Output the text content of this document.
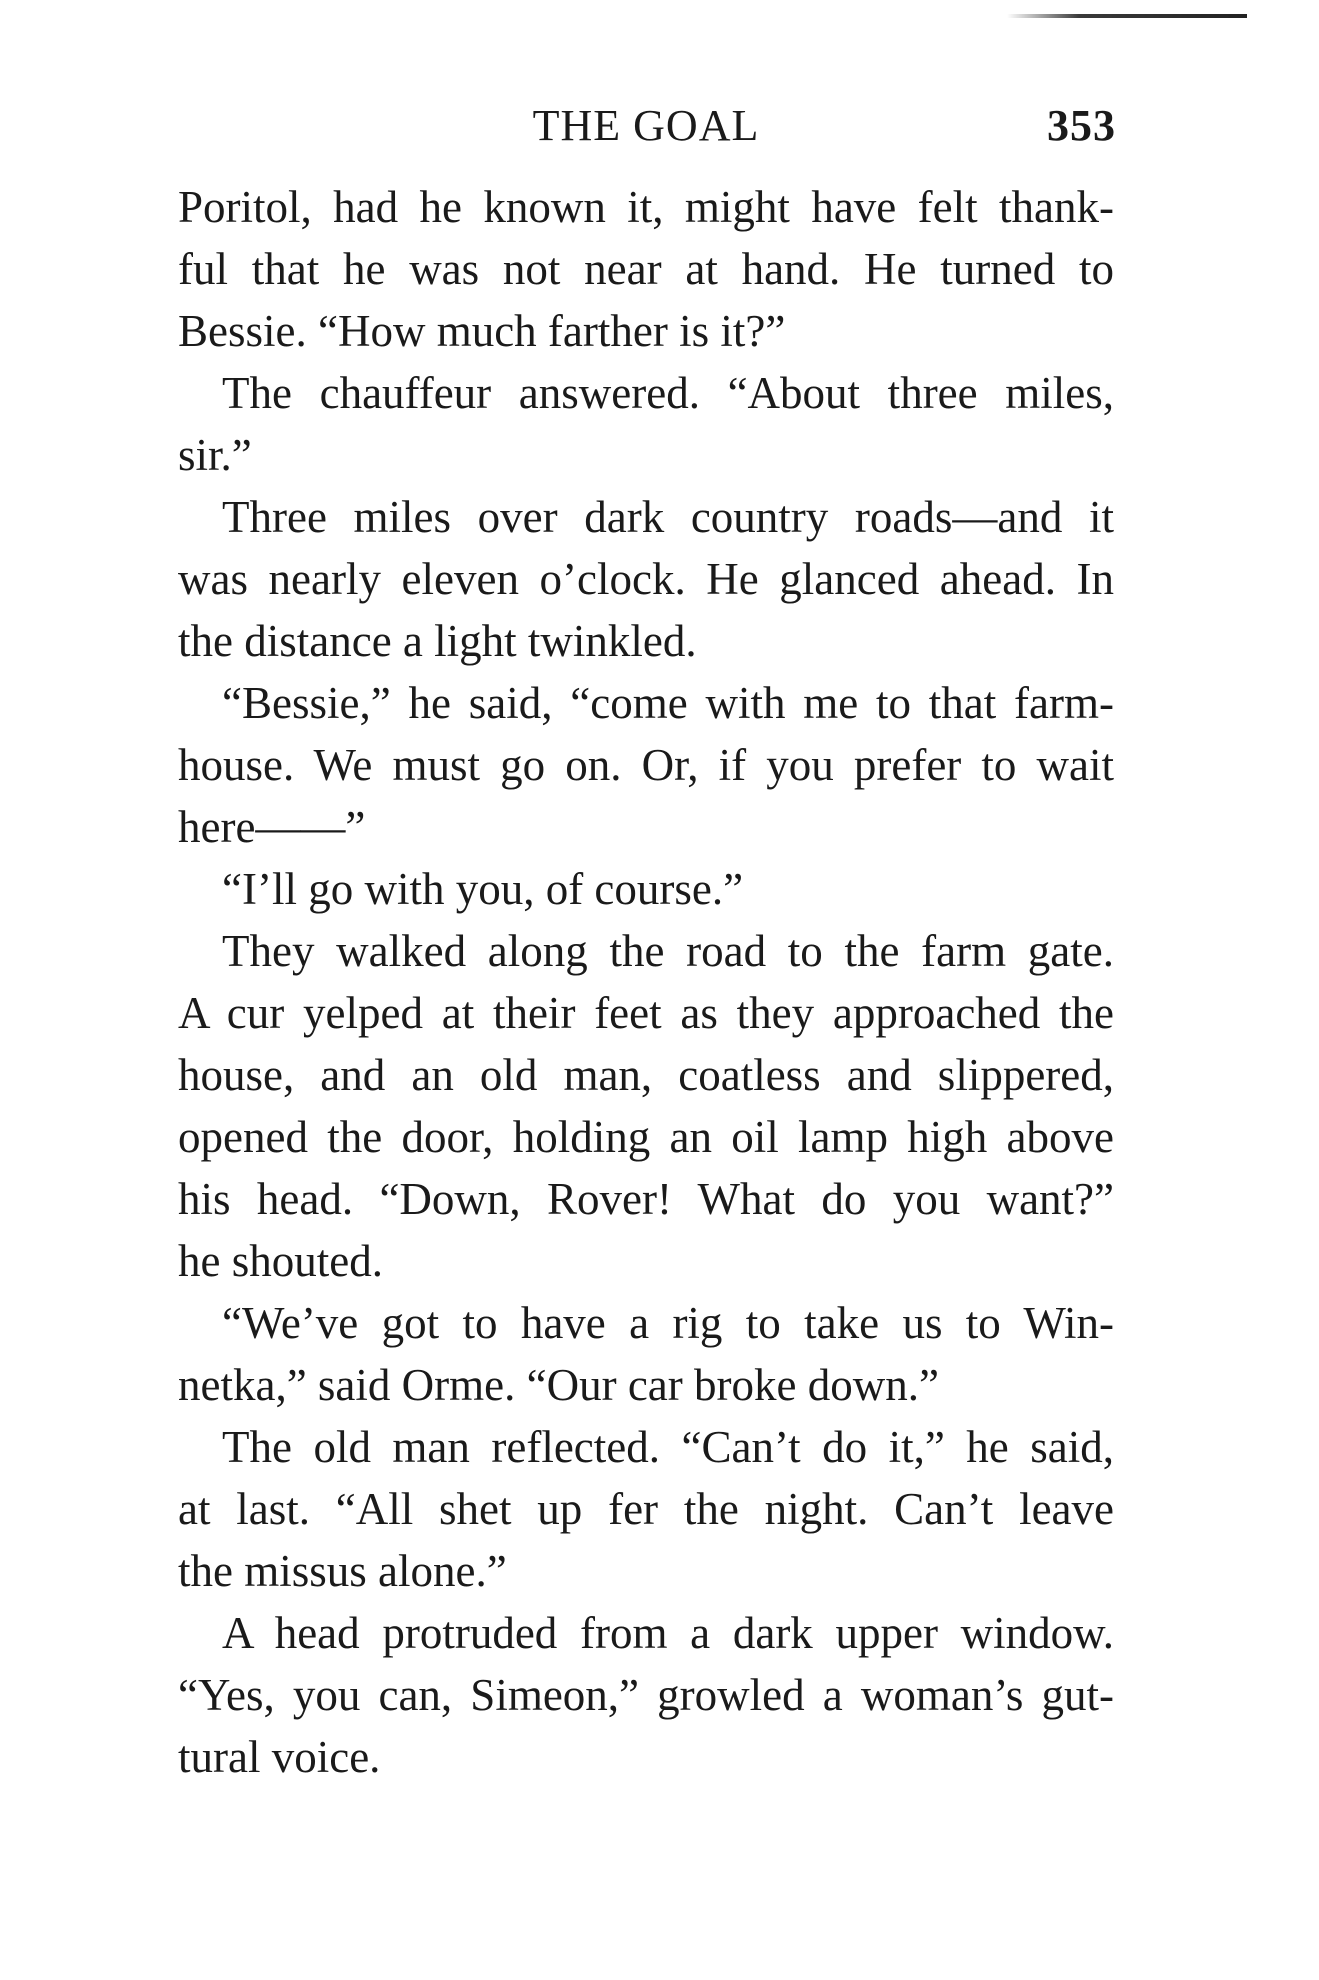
THE GOAL	353
Poritol, had he known it, might have felt thank-
ful that he was not near at hand. He turned to
Bessie. “How much farther is it?”
The chauffeur answered. “About three miles,
sir.”
Three miles over dark country roads—and it
was nearly eleven o’clock. He glanced ahead. In
the distance a light twinkled.
“Bessie,” he said, “come with me to that farm-
house. We must go on. Or, if you prefer to wait
here——”
“I’ll go with you, of course.”
They walked along the road to the farm gate.
A cur yelped at their feet as they approached the
house, and an old man, coatless and slippered,
opened the door, holding an oil lamp high above
his head. “Down, Rover! What do you want?”
he shouted.
“We’ve got to have a rig to take us to Win-
netka,” said Orme. “Our car broke down.”
The old man reflected. “Can’t do it,” he said,
at last. “All shet up fer the night. Can’t leave
the missus alone.”
A head protruded from a dark upper window.
“Yes, you can, Simeon,” growled a woman’s gut-
tural voice.
